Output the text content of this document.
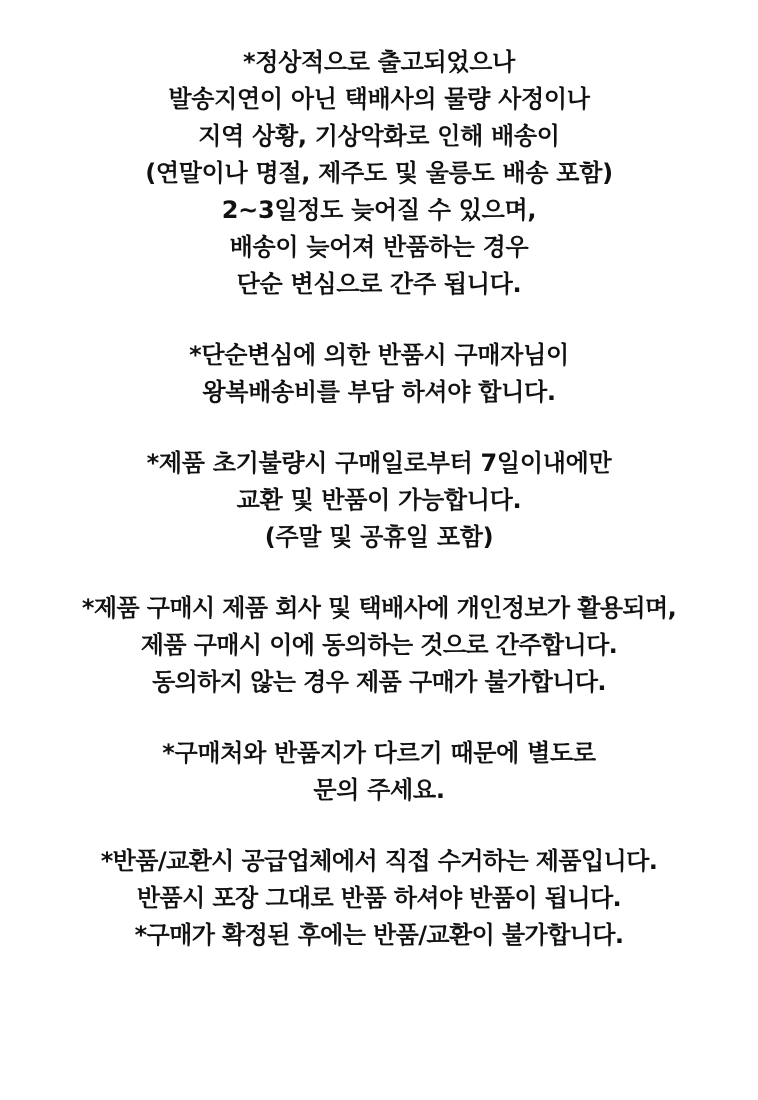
*정상적으로 출고되었으나
발송지연이 아닌 택배사의 물량 사정이나
지역 상황, 기상악화로 인해 배송이
(연말이나 명절, 제주도 및 울릉도 배송 포함)
2~3일정도 늦어질 수 있으며,
배송이 늦어져 반품하는 경우
단순 변심으로 간주 됩니다.
*단순변심에 의한 반품시 구매자님이
왕복배송비를 부담 하셔야 합니다.
*제품 초기불량시 구매일로부터 7일이내에만
교환 및 반품이 가능합니다.
(주말 및 공휴일 포함)
*제품 구매시 제품 회사 및 택배사에 개인정보가 활용되며,
제품 구매시 이에 동의하는 것으로 간주합니다.
동의하지 않는 경우 제품 구매가 불가합니다.
*구매처와 반품지가 다르기 때문에 별도로
문의 주세요.
*반품/교환시 공급업체에서 직접 수거하는 제품입니다.
반품시 포장 그대로 반품 하셔야 반품이 됩니다.
*구매가 확정된 후에는 반품/교환이 불가합니다.
